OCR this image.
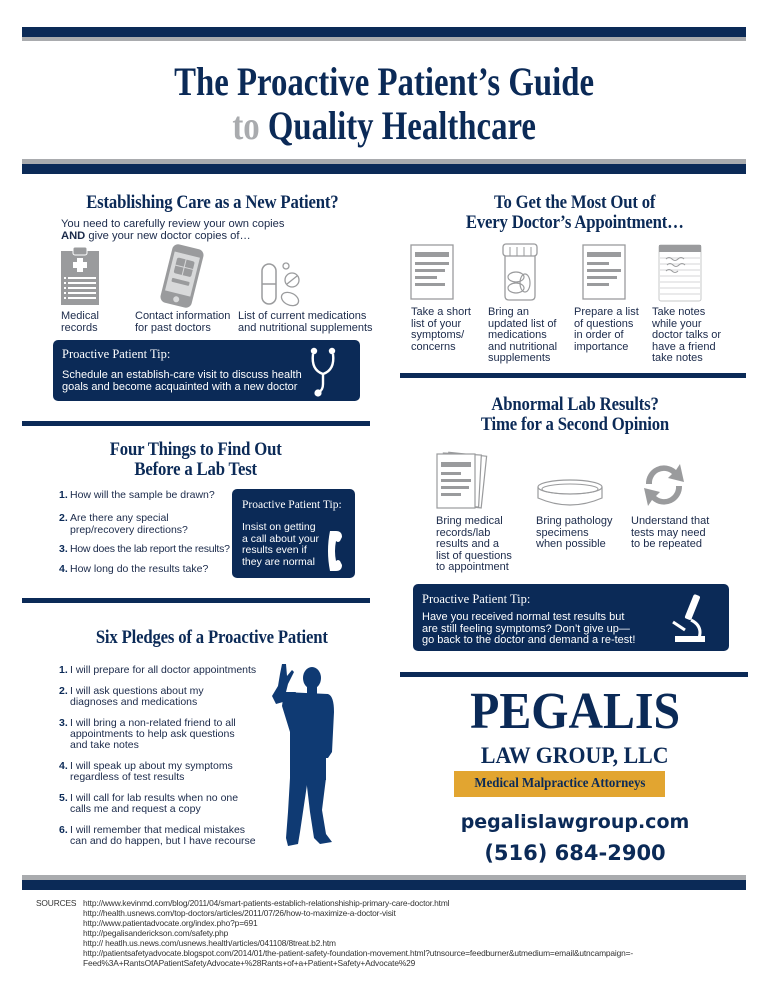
The Proactive Patient’s Guide
to Quality Healthcare
Establishing Care as a New Patient?
You need to carefully review your own copies
AND give your new doctor copies of…
Medical
records
Contact information
for past doctors
List of current medications
and nutritional supplements
Proactive Patient Tip:
Schedule an establish-care visit to discuss health
goals and become acquainted with a new doctor
To Get the Most Out of
Every Doctor’s Appointment…
Take a short
list of your
symptoms/
concerns
Bring an
updated list of
medications
and nutritional
supplements
Prepare a list
of questions
in order of
importance
Take notes
while your
doctor talks or
have a friend
take notes
Four Things to Find Out
Before a Lab Test
1. How will the sample be drawn?
2. Are there any special
prep/recovery directions?
3. How does the lab report the results?
4. How long do the results take?
Proactive Patient Tip:
Insist on getting
a call about your
results even if
they are normal
Abnormal Lab Results?
Time for a Second Opinion
Bring medical
records/lab
results and a
list of questions
to appointment
Bring pathology
specimens
when possible
Understand that
tests may need
to be repeated
Proactive Patient Tip:
Have you received normal test results but
are still feeling symptoms? Don’t give up—
go back to the doctor and demand a re-test!
Six Pledges of a Proactive Patient
1. I will prepare for all doctor appointments
2. I will ask questions about my
diagnoses and medications
3. I will bring a non-related friend to all
appointments to help ask questions
and take notes
4. I will speak up about my symptoms
regardless of test results
5. I will call for lab results when no one
calls me and request a copy
6. I will remember that medical mistakes
can and do happen, but I have recourse
PEGALIS
LAW GROUP, LLC
Medical Malpractice Attorneys
pegalislawgroup.com
(516) 684-2900
SOURCES http://www.kevinmd.com/blog/2011/04/smart-patients-establich-relationshiship-primary-care-doctor.html
http://health.usnews.com/top-doctors/articles/2011/07/26/how-to-maximize-a-doctor-visit
http://www.patientadvocate.org/index.pho?p=691
http://pegalisanderickson.com/safety.php
http:// heatlh.us.news.com/usnews.health/articles/041108/8treat.b2.htm
http://patientsafetyadvocate.blogspot.com/2014/01/the-patient-safety-foundation-movement.html?utnsource=feedburner&utmedium=email&utncampaign=-
Feed%3A+RantsOfAPatientSafetyAdvocate+%28Rants+of+a+Patient+Safety+Advocate%29
